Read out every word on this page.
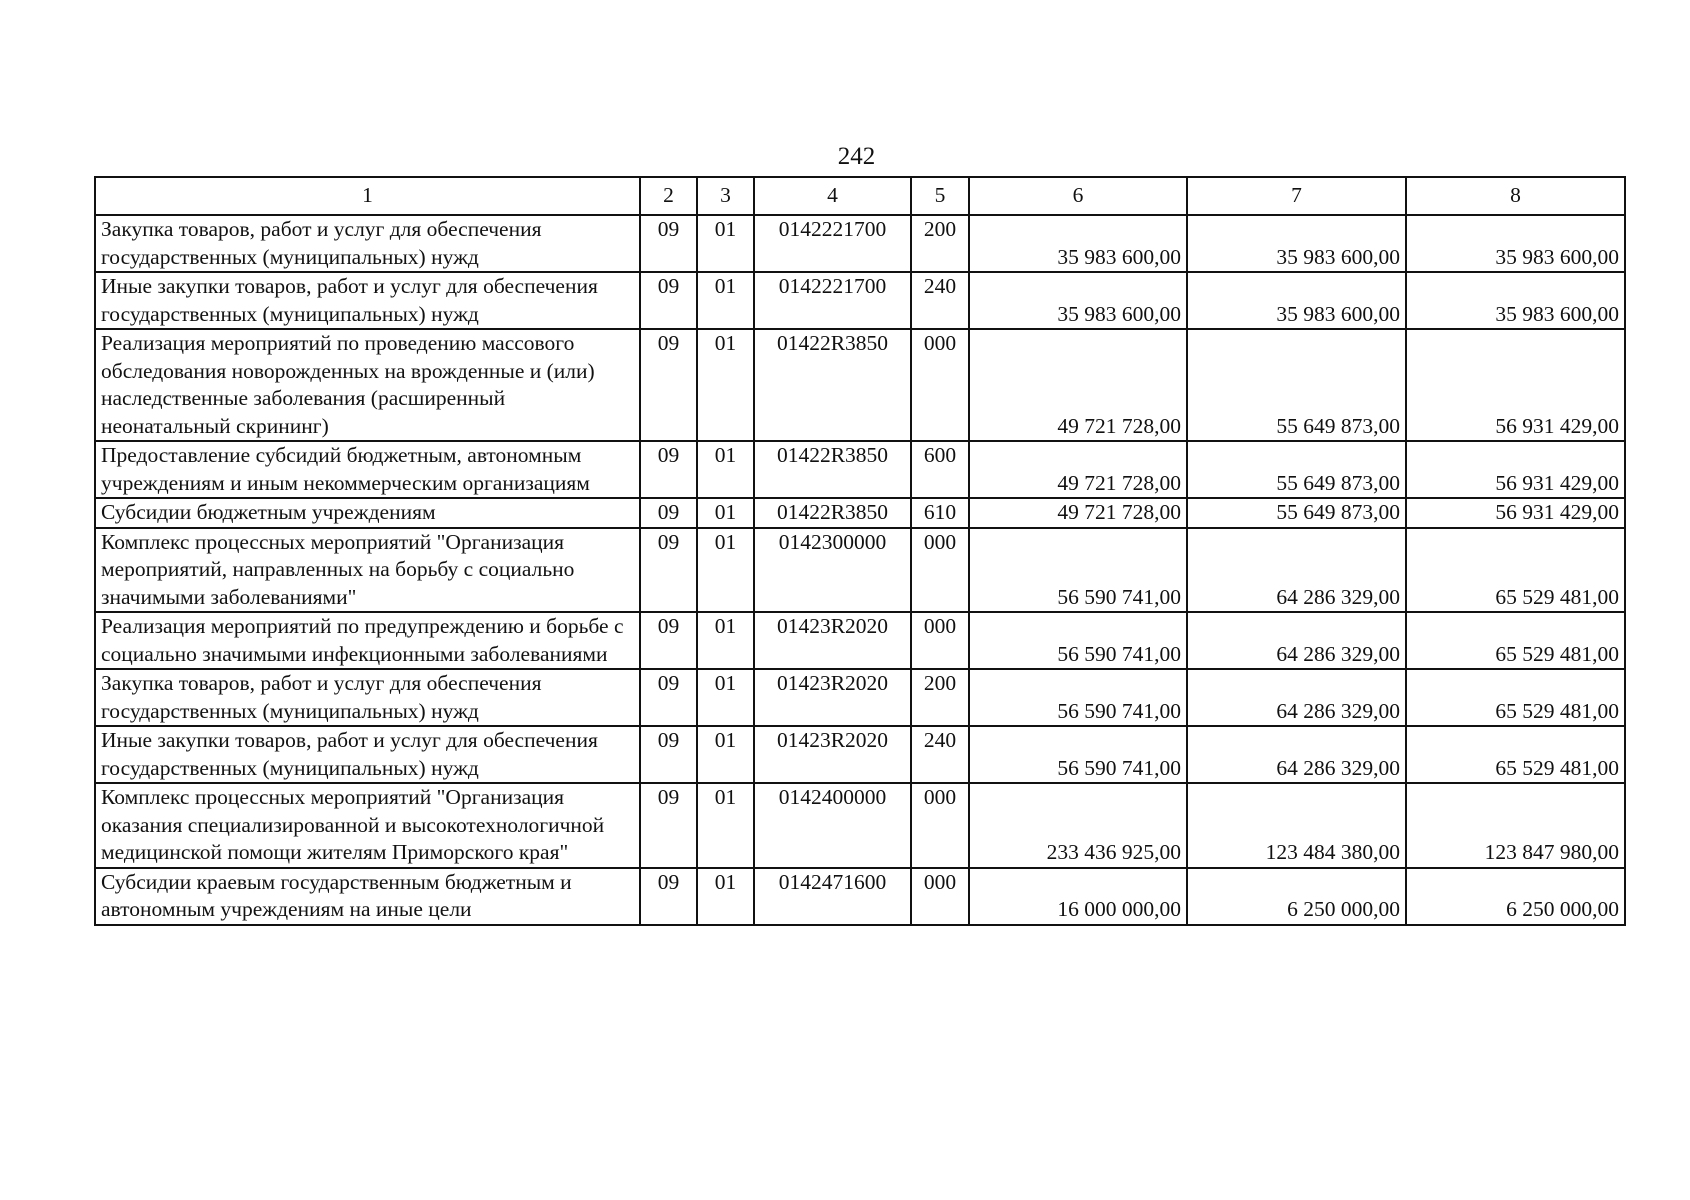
242
1	2	3	4	5	6	7	8
Закупка товаров, работ и услуг для обеспечения государственных (муниципальных) нужд	09	01	0142221700	200	35 983 600,00	35 983 600,00	35 983 600,00
Иные закупки товаров, работ и услуг для обеспечения государственных (муниципальных) нужд	09	01	0142221700	240	35 983 600,00	35 983 600,00	35 983 600,00
Реализация мероприятий по проведению массового обследования новорожденных на врожденные и (или) наследственные заболевания (расширенный неонатальный скрининг)	09	01	01422R3850	000	49 721 728,00	55 649 873,00	56 931 429,00
Предоставление субсидий бюджетным, автономным учреждениям и иным некоммерческим организациям	09	01	01422R3850	600	49 721 728,00	55 649 873,00	56 931 429,00
Субсидии бюджетным учреждениям	09	01	01422R3850	610	49 721 728,00	55 649 873,00	56 931 429,00
Комплекс процессных мероприятий "Организация мероприятий, направленных на борьбу с социально значимыми заболеваниями"	09	01	0142300000	000	56 590 741,00	64 286 329,00	65 529 481,00
Реализация мероприятий по предупреждению и борьбе с социально значимыми инфекционными заболеваниями	09	01	01423R2020	000	56 590 741,00	64 286 329,00	65 529 481,00
Закупка товаров, работ и услуг для обеспечения государственных (муниципальных) нужд	09	01	01423R2020	200	56 590 741,00	64 286 329,00	65 529 481,00
Иные закупки товаров, работ и услуг для обеспечения государственных (муниципальных) нужд	09	01	01423R2020	240	56 590 741,00	64 286 329,00	65 529 481,00
Комплекс процессных мероприятий "Организация оказания специализированной и высокотехнологичной медицинской помощи жителям Приморского края"	09	01	0142400000	000	233 436 925,00	123 484 380,00	123 847 980,00
Субсидии краевым государственным бюджетным и автономным учреждениям на иные цели	09	01	0142471600	000	16 000 000,00	6 250 000,00	6 250 000,00
